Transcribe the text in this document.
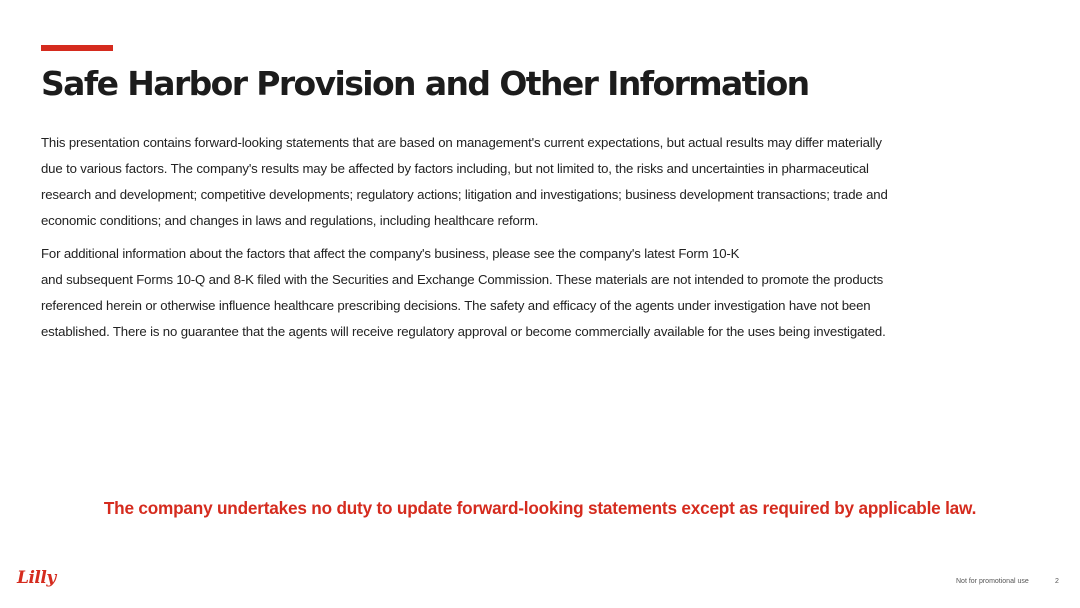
Safe Harbor Provision and Other Information

This presentation contains forward-looking statements that are based on management's current expectations, but actual results may differ materially
due to various factors. The company's results may be affected by factors including, but not limited to, the risks and uncertainties in pharmaceutical
research and development; competitive developments; regulatory actions; litigation and investigations; business development transactions; trade and
economic conditions; and changes in laws and regulations, including healthcare reform.

For additional information about the factors that affect the company's business, please see the company's latest Form 10-K
and subsequent Forms 10-Q and 8-K filed with the Securities and Exchange Commission. These materials are not intended to promote the products
referenced herein or otherwise influence healthcare prescribing decisions. The safety and efficacy of the agents under investigation have not been
established. There is no guarantee that the agents will receive regulatory approval or become commercially available for the uses being investigated.

The company undertakes no duty to update forward-looking statements except as required by applicable law.

Lilly	Not for promotional use	2
